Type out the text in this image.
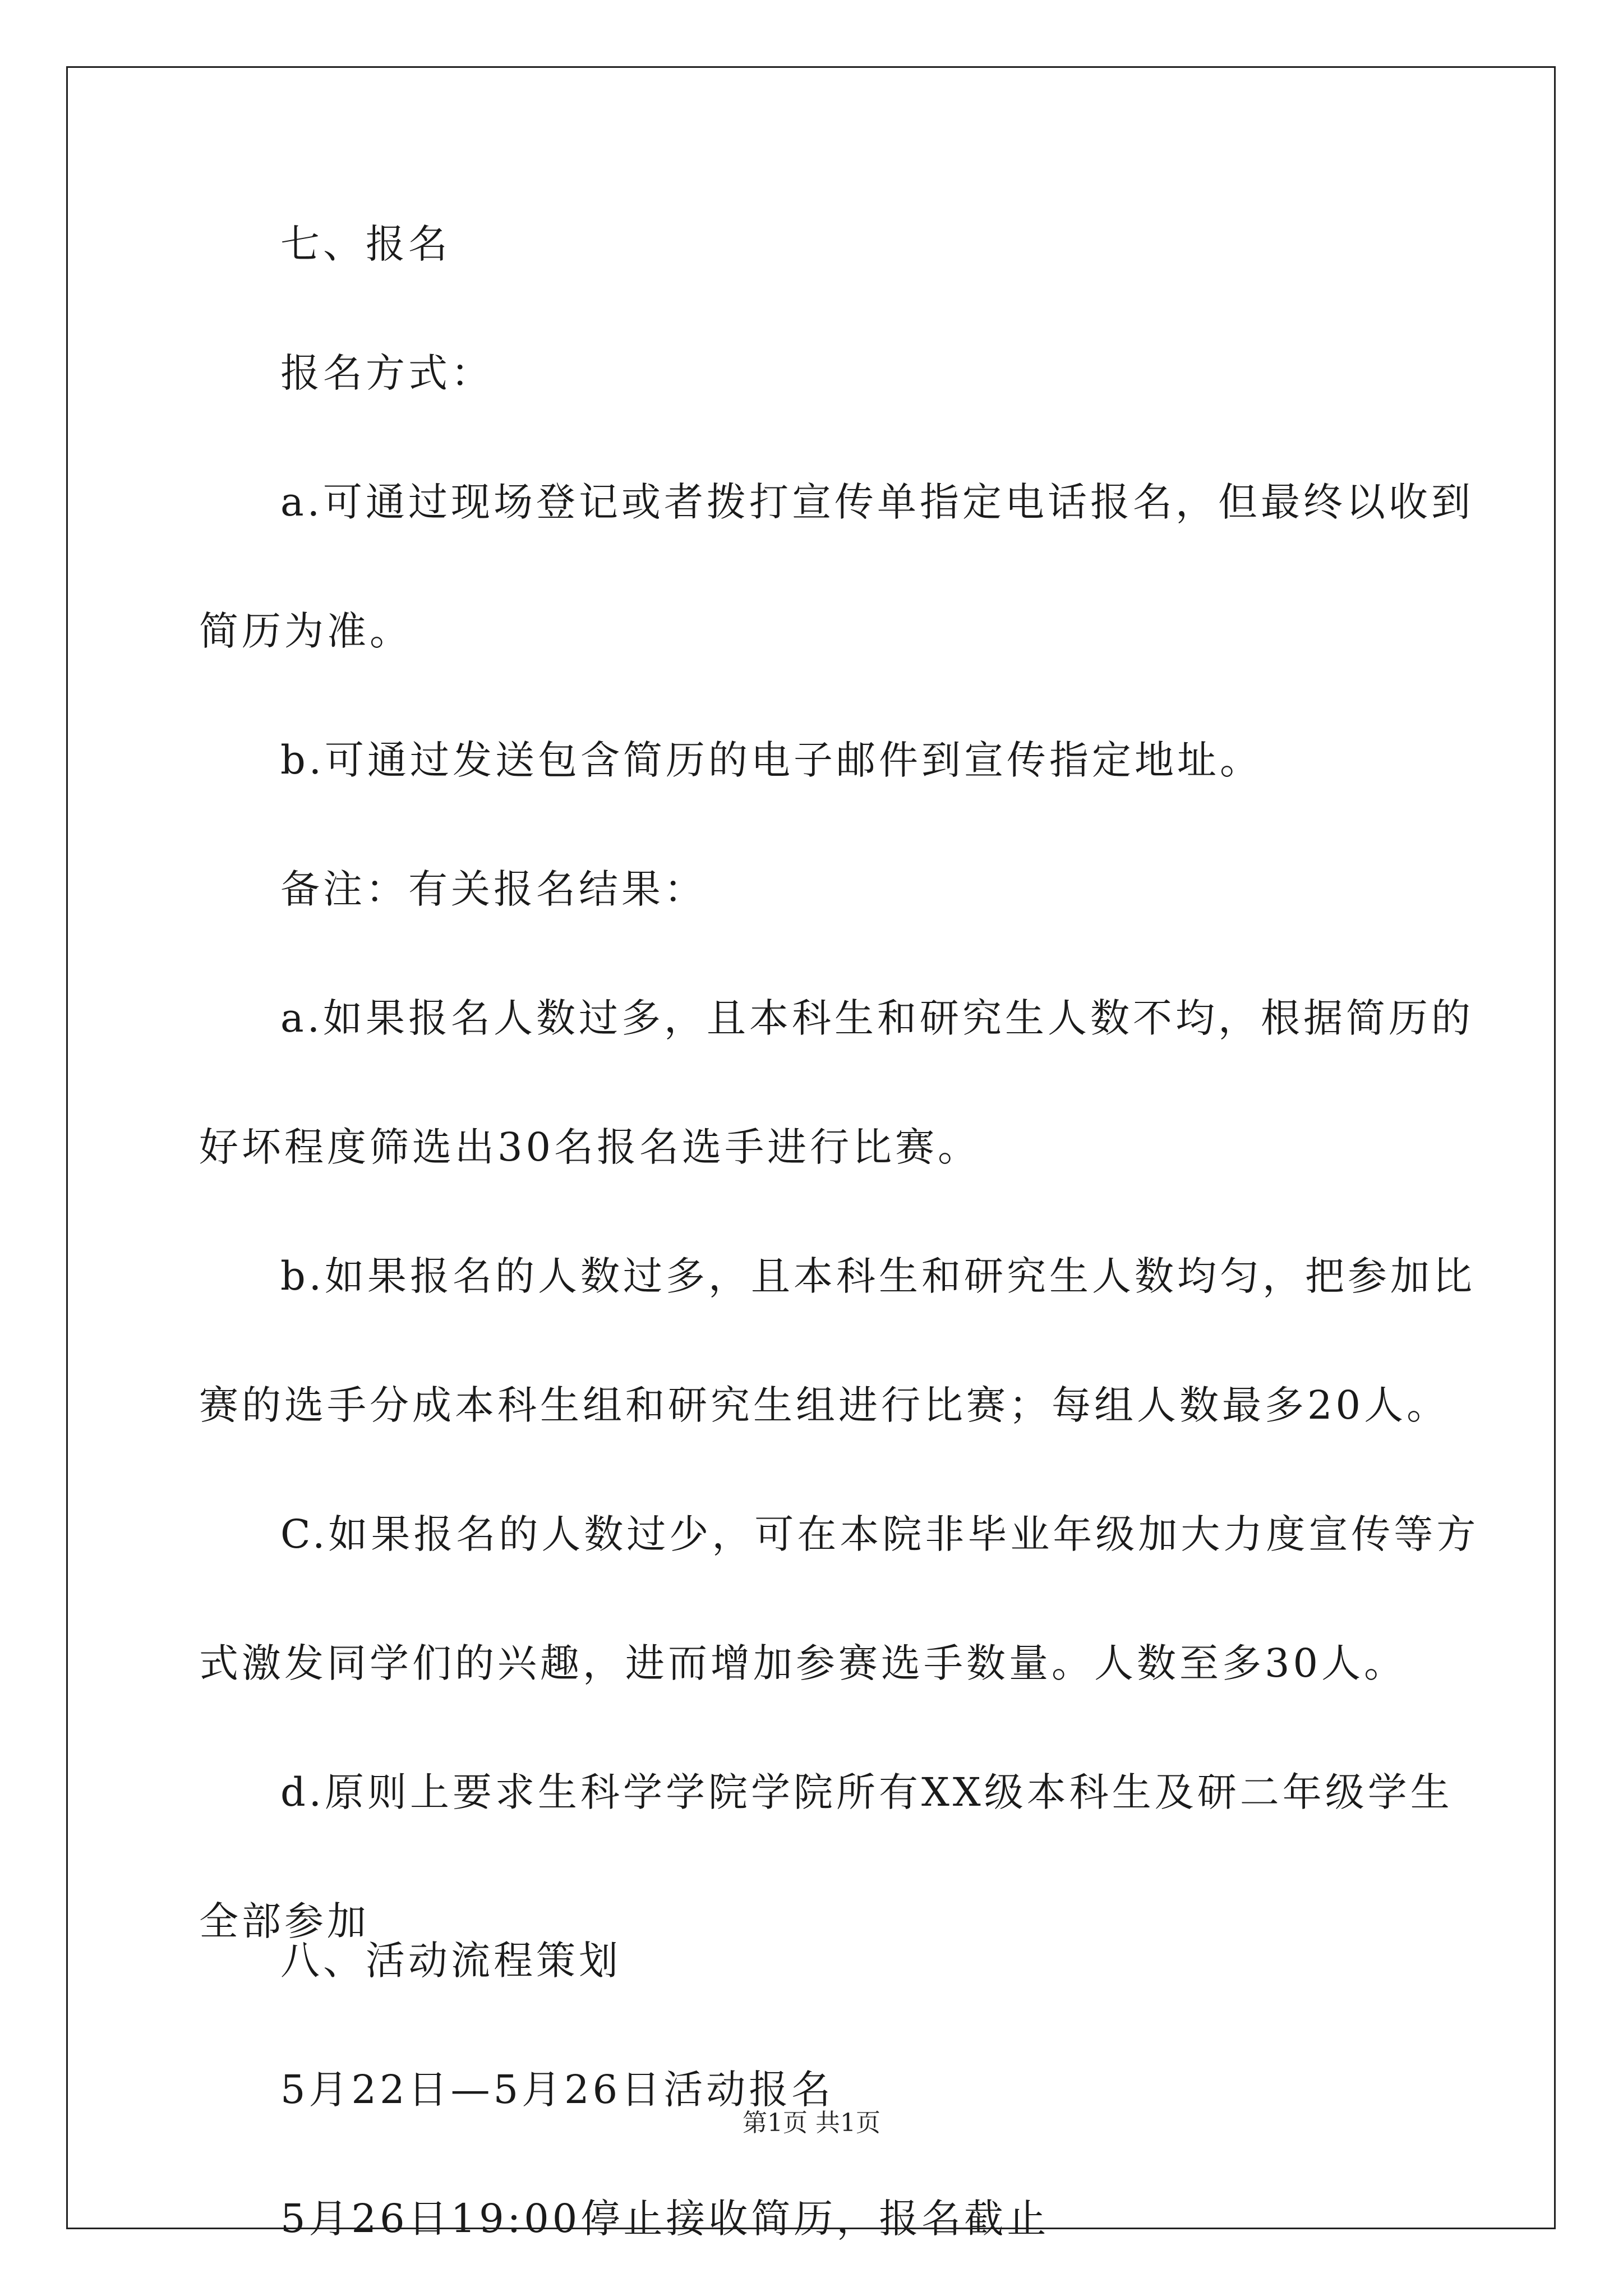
七、报名
报名方式：
a.可通过现场登记或者拨打宣传单指定电话报名，但最终以收到
简历为准。
b.可通过发送包含简历的电子邮件到宣传指定地址。
备注：有关报名结果：
a.如果报名人数过多，且本科生和研究生人数不均，根据简历的
好坏程度筛选出30名报名选手进行比赛。
b.如果报名的人数过多，且本科生和研究生人数均匀，把参加比
赛的选手分成本科生组和研究生组进行比赛；每组人数最多20人。
C.如果报名的人数过少，可在本院非毕业年级加大力度宣传等方
式激发同学们的兴趣，进而增加参赛选手数量。人数至多30人。
d.原则上要求生科学学院学院所有XX级本科生及研二年级学生
全部参加
八、活动流程策划
5月22日—5月26日活动报名
5月26日19:00停止接收简历，报名截止
第1页 共1页
